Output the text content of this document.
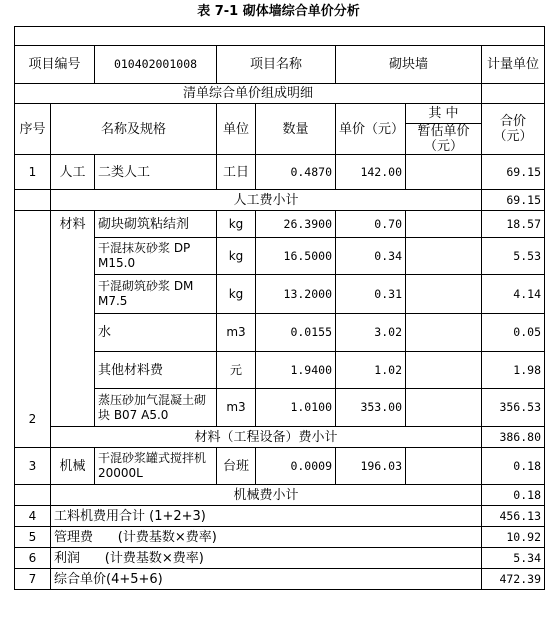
表 7-1 砌体墙综合单价分析

项目编号		010402001008	项目名称		砌块墙		计量单位
清单综合单价组成明细							
序号	名称及规格		单位	数量	单价（元）	其 中	合价（元）
						暂估单价（元）	
1	人工	二类人工	工日	0.4870	142.00		69.15
	人工费小计						69.15
2	材料	砌块砌筑粘结剂	kg	26.3900	0.70		18.57
		干混抹灰砂浆 DP M15.0	kg	16.5000	0.34		5.53
		干混砌筑砂浆 DM M7.5	kg	13.2000	0.31		4.14
		水	m3	0.0155	3.02		0.05
		其他材料费	元	1.9400	1.02		1.98
		蒸压砂加气混凝土砌块 B07 A5.0	m3	1.0100	353.00		356.53
	材料（工程设备）费小计						386.80
3	机械	干混砂浆罐式搅拌机 20000L	台班	0.0009	196.03		0.18
	机械费小计						0.18
4	工料机费用合计 (1+2+3)						456.13
5	管理费      (计费基数×费率)						10.92
6	利润      (计费基数×费率)						5.34
7	综合单价(4+5+6)						472.39
